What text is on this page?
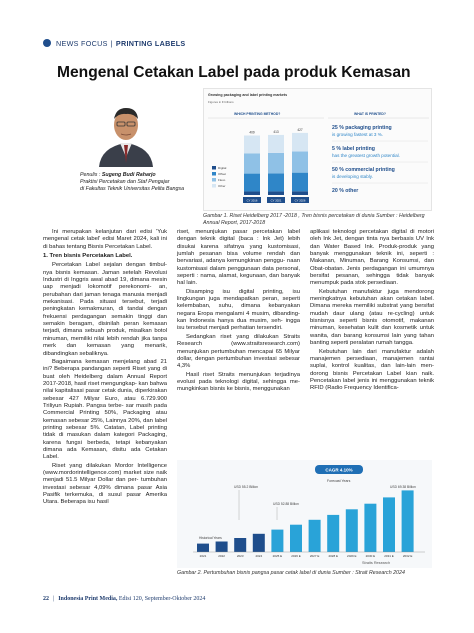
NEWS FOCUS | PRINTING LABELS
Mengenal Cetakan Label pada produk Kemasan
Penulis : Sugeng Budi Raharjo
Praktisi Percetakan dan Staf Pengajar
di Fakultas Teknik Universitas Pelita Bangsa
Growing packaging and label printing markets
Figures in € billions
WHICH PRINTING METHOD?	WHAT IS PRINTED?
409
CY 2016
413
CY 2021
427
CY 2026
Digital
Offset
Flexo
Other
25 % packaging printing
is growing fastest at 3 %.
5 % label printing
has the greatest growth potential.
50 % commercial printing
is developing stably.
20 % other
Gambar 1. Riset Heidelberg 2017 -2018 , Tren bisnis percetakan di dunia Sumber : Heidelberg Annual Report, 2017-2018

Ini merupakan kelanjutan dari edisi 'Yuk mengenal cetak label' edisi Maret 2024, kali ini di bahas tentang Bisnis Percetakan Label.

1. Tren bisnis Percetakan Label.

Percetakan Label sejalan dengan timbul- nya bisnis kemasan. Jaman setelah Revolusi Industri di Inggris awal abad 19, dimana mesin uap menjadi lokomotif perekonomi- an, perubahan dari jaman tenaga manusia menjadi mekanisasi. Pada situasi tersebut, terjadi peningkatan kemakmuran, di tandai dengan frekuensi perdagangan semakin tinggi dan semakin beragam, disinilah peran kemasan terjadi, dimana sebuah produk, misalkan botol minuman, memiliki nilai lebih rendah jika tanpa merk dan kemasan yang menarik, dibandingkan sebaliknya.

Bagaimana kemasan menjelang abad 21 ini? Beberapa pandangan seperti Riset yang di buat oleh Heidelberg dalam Annual Report 2017-2018, hasil riset mengungkap- kan bahwa nilai kapitalisasi pasar cetak dunia, diperkirakan sebesar 427 Milyar Euro, atau 6.729.900 Triliyun Rupiah. Pangsa terbe- sar masih pada Commercial Printing 50%, Packaging atau kemasan sebesar 25%, Lainnya 20%, dan label printing sebesar 5%. Catatan, Label printing tidak di masukan dalam kategori Packaging, karena fungsi berbeda, tetapi kebanyakan dimana ada Kemasan, disitu ada Cetakan Label.

Riset yang dilakukan Mordor Intelligence (www.mordorintelligence.com) market size naik menjadi 51.5 Milyar Dollar dan per- tumbuhan investasi sebesar 4,09% dimana pasar Asia Pasifik terkemuka, di susul pasar Amerika Utara. Beberapa isu hasil

riset, menunjukan pasar percetakan label dengan teknik digital (baca : Ink Jet) lebih disukai karena sifatnya yang kustomisasi, jumlah pesanan bisa volume rendah dan bervariasi, adanya kemungkinan penggu- naan kustomisasi dalam penggunaan data personal, seperti : nama, alamat, kegunaan, dan banyak hal lain.

Disamping isu digital printing, isu lingkungan juga mendapatkan peran, seperti kelembaban, suhu, dimana kebanyakan negara Eropa mengalami 4 musim, dibanding- kan Indonesia hanya dua musim, seh- ingga isu tersebut menjadi perhatian tersendiri.

Sedangkan riset yang dilakukan Straits Research (www.straitsresearch.com) menunjukan pertumbuhan mencapai 65 Milyar dollar, dengan pertumbuhan investasi sebesar 4,3%

Hasil riset Straits menunjukan terjadinya evolusi pada teknologi digital, sehingga me- mungkinkan bisnis ke bisnis, menggunakan

aplikasi teknologi percetakan digital di motori oleh Ink Jet, dengan tinta nya berbasis UV Ink dan Water Based Ink. Produk-produk yang banyak menggunakan teknik ini, seperti : Makanan, Minuman, Barang Konsumsi, dan Obat-obatan. Jenis perdagangan ini umumnya bersifat pesanan, sehingga tidak banyak menumpuk pada stok persediaan.

Kebutuhan manufaktur juga mendorong meningkatnya kebutuhan akan cetakan label. Dimana mereka memiliki substrat yang bersifat mudah daur ulang (atau re-cycling) untuk bisnisnya seperti bisnis otomotif, makanan minuman, kesehatan kulit dan kosmetik untuk wanita, dan barang konsumsi lain yang tahan banting seperti peralatan rumah tangga.

Kebutuhan lain dari manufaktur adalah manajemen persediaan, manajemen rantai suplai, kontrol kualitas, dan lain-lain men- dorong bisnis Percetakan Label kian naik. Pencetakan label jenis ini menggunakan teknik RFID (Radio Frequency Identifica-

2021	2022	2023	2024	2025 E	2026 E	2027 E	2028 E	2029 E	2030 E	2031 E	2032 E
CAGR 4.10%
Forecast Years
USD 55.2 Billion
USD 52.88 Billion
USD 69.38 Billion
Historical Years
Straits Research
Gambar 2. Pertumbuhan bisnis pangsa pasar cetak label di dunia Sumber : Strait Research 2024
22 | Indonesia Print Media, Edisi 120, September-Oktober 2024
